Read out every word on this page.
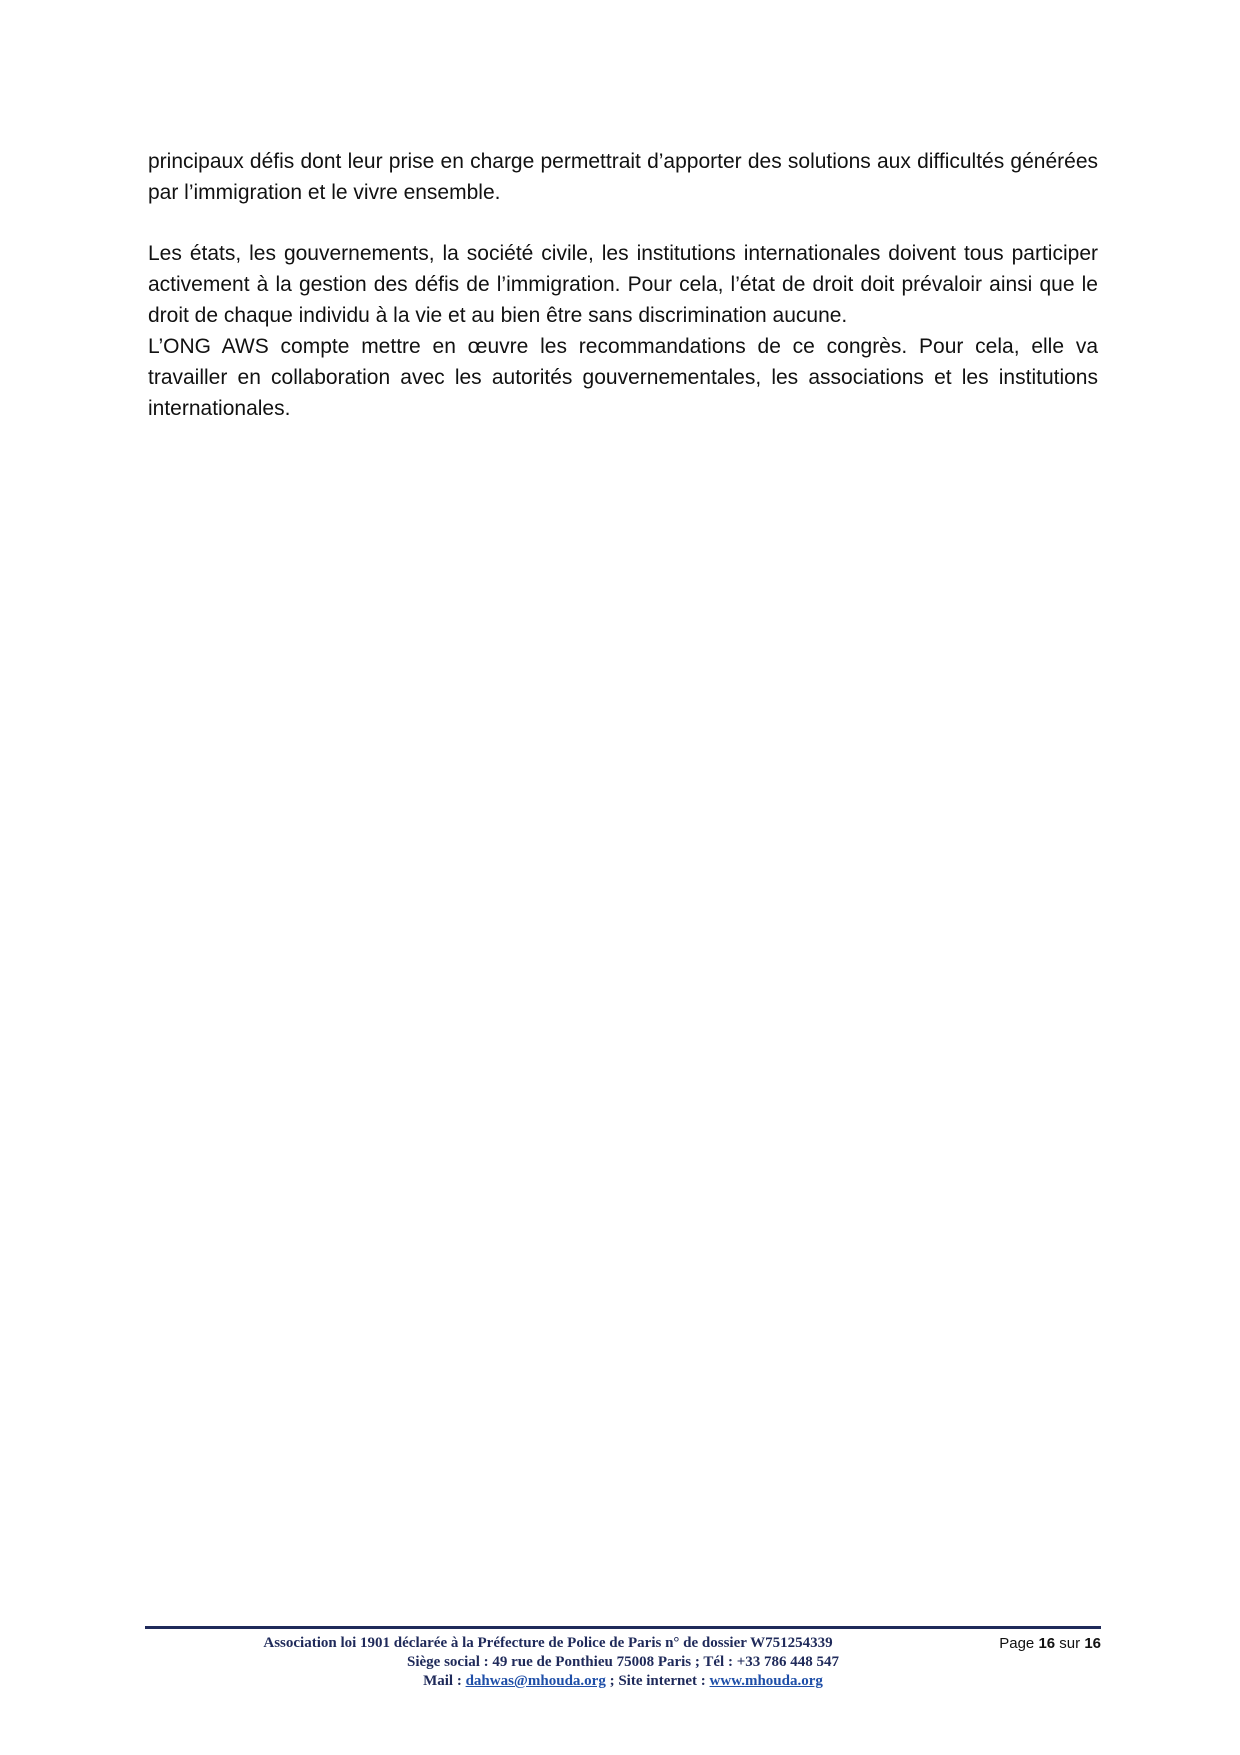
principaux défis dont leur prise en charge permettrait d’apporter des solutions aux difficultés générées par l’immigration et le vivre ensemble.

Les états, les gouvernements, la société civile, les institutions internationales doivent tous participer activement à la gestion des défis de l’immigration. Pour cela, l’état de droit doit prévaloir ainsi que le droit de chaque individu à la vie et au bien être sans discrimination aucune.

L’ONG AWS compte mettre en œuvre les recommandations de ce congrès. Pour cela, elle va travailler en collaboration avec les autorités gouvernementales, les associations et les institutions internationales.

Association loi 1901 déclarée à la Préfecture de Police de Paris n° de dossier W751254339
Siège social : 49 rue de Ponthieu 75008 Paris ; Tél : +33 786 448 547
Mail : dahwas@mhouda.org ; Site internet : www.mhouda.org
Page 16 sur 16
